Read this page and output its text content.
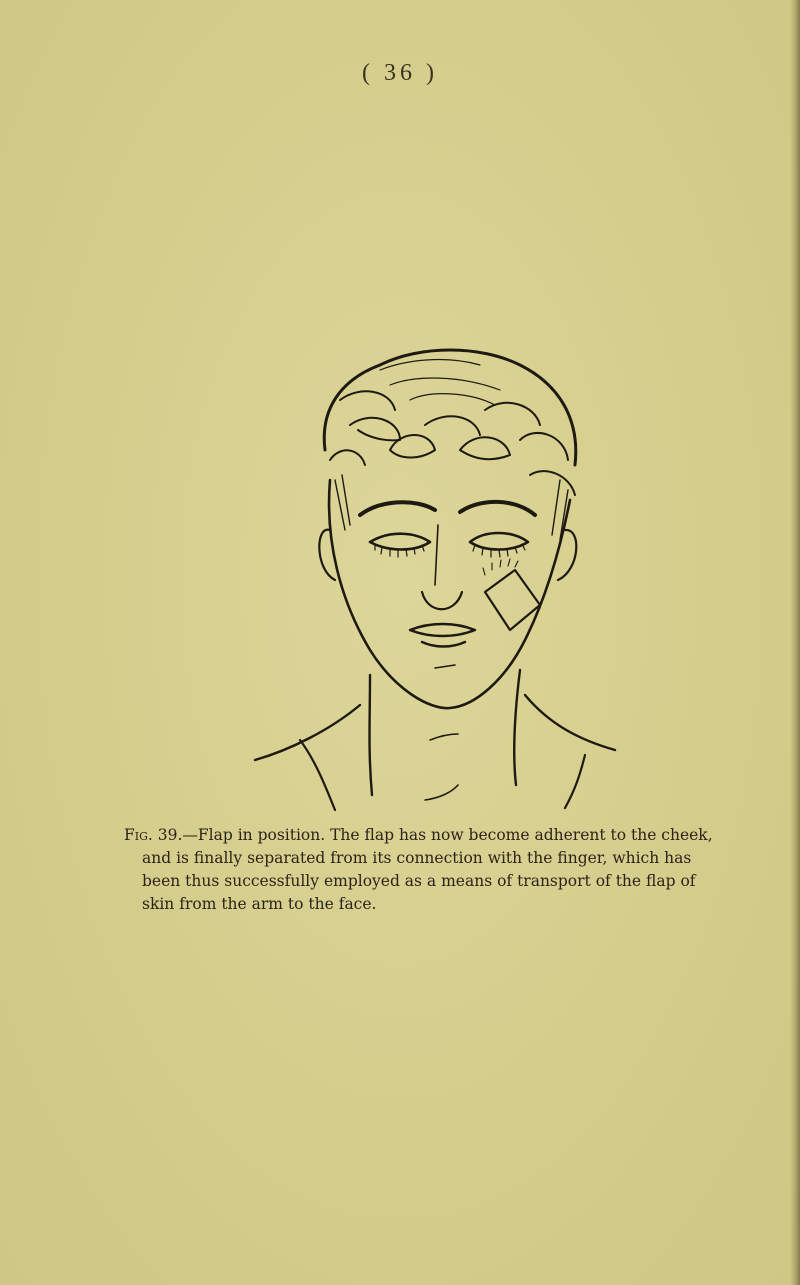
( 36 )
Fig. 39.—Flap in position. The flap has now become adherent to the cheek,
and is finally separated from its connection with the finger, which has
been thus successfully employed as a means of transport of the flap of
skin from the arm to the face.
